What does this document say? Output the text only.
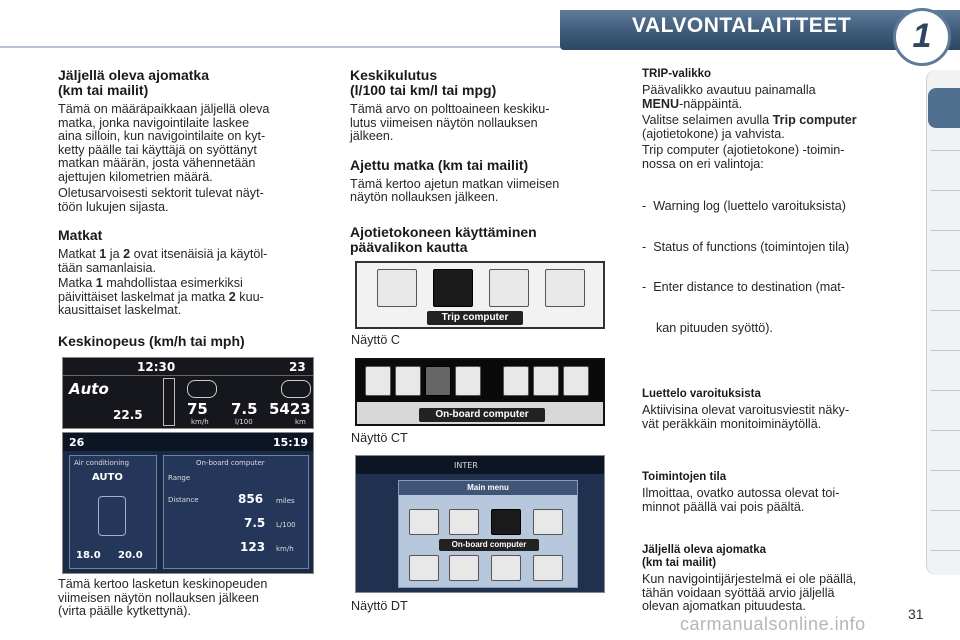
VALVONTALAITTEET	1
Jäljellä oleva ajomatka
(km tai mailit)
Tämä on määräpaikkaan jäljellä oleva
matka, jonka navigointilaite laskee
aina silloin, kun navigointilaite on kyt-
ketty päälle tai käyttäjä on syöttänyt
matkan määrän, josta vähennetään
ajettujen kilometrien määrä.
Oletusarvoisesti sektorit tulevat näyt-
töön lukujen sijasta.
Matkat
Matkat 1 ja 2 ovat itsenäisiä ja käytöl-
tään samanlaisia.
Matka 1 mahdollistaa esimerkiksi
päivittäiset laskelmat ja matka 2 kuu-
kausittaiset laskelmat.
Keskinopeus (km/h tai mph)
12:30	23
Auto
22.5	75
km/h
7.5
l/100
5423
km
26	15:19
Air conditioning
AUTO
18.0 20.0
On-board computer
Range
Distance	856 miles
7.5 L/100
123 km/h
Tämä kertoo lasketun keskinopeuden
viimeisen näytön nollauksen jälkeen
(virta päälle kytkettynä).
Keskikulutus
(l/100 tai km/l tai mpg)
Tämä arvo on polttoaineen keskiku-
lutus viimeisen näytön nollauksen
jälkeen.
Ajettu matka (km tai mailit)
Tämä kertoo ajetun matkan viimeisen
näytön nollauksen jälkeen.
Ajotietokoneen käyttäminen
päävalikon kautta
Trip computer
Näyttö C
On-board computer
Näyttö CT
INTER
Main menu
On-board computer
Näyttö DT
TRIP-valikko
Päävalikko avautuu painamalla
MENU-näppäintä.
Valitse selaimen avulla Trip computer
(ajotietokone) ja vahvista.
Trip computer (ajotietokone) -toimin-
nossa on eri valintoja:

-  Warning log (luettelo varoituksista)

-  Status of functions (toimintojen tila)

-  Enter distance to destination (mat-

kan pituuden syöttö).

Luettelo varoituksista
Aktiivisina olevat varoitusviestit näky-
vät peräkkäin monitoiminäytöllä.
Toimintojen tila
Ilmoittaa, ovatko autossa olevat toi-
minnot päällä vai pois päältä.
Jäljellä oleva ajomatka
(km tai mailit)
Kun navigointijärjestelmä ei ole päällä,
tähän voidaan syöttää arvio jäljellä
olevan ajomatkan pituudesta.
carmanualsonline.info	31
